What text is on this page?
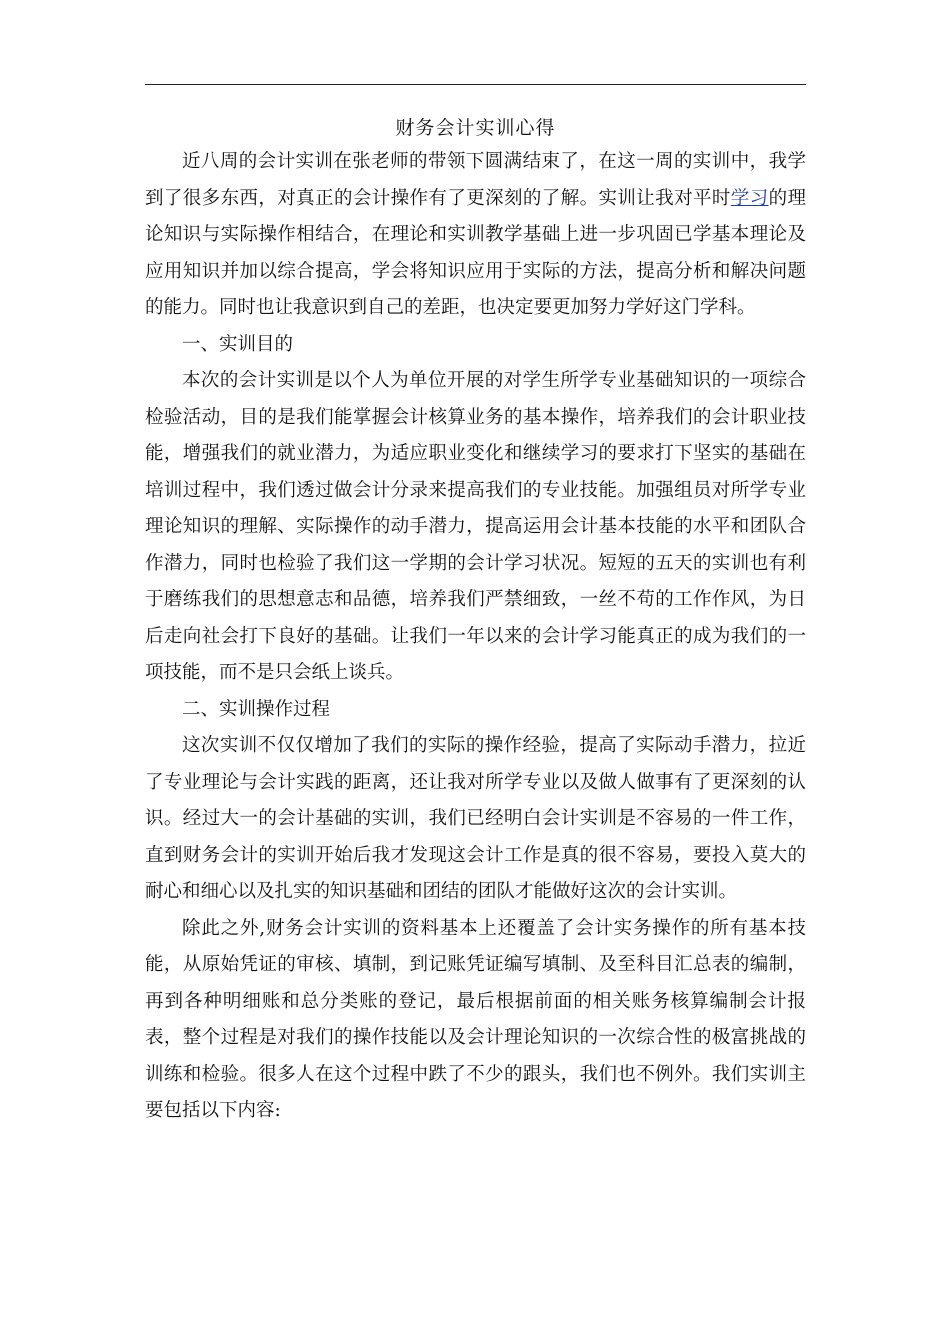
财务会计实训心得

近八周的会计实训在张老师的带领下圆满结束了，在这一周的实训中，我学到了很多东西，对真正的会计操作有了更深刻的了解。实训让我对平时学习的理论知识与实际操作相结合，在理论和实训教学基础上进一步巩固已学基本理论及应用知识并加以综合提高，学会将知识应用于实际的方法，提高分析和解决问题的能力。同时也让我意识到自己的差距，也决定要更加努力学好这门学科。

一、实训目的

本次的会计实训是以个人为单位开展的对学生所学专业基础知识的一项综合检验活动，目的是我们能掌握会计核算业务的基本操作，培养我们的会计职业技能，增强我们的就业潜力，为适应职业变化和继续学习的要求打下坚实的基础在培训过程中，我们透过做会计分录来提高我们的专业技能。加强组员对所学专业理论知识的理解、实际操作的动手潜力，提高运用会计基本技能的水平和团队合作潜力，同时也检验了我们这一学期的会计学习状况。短短的五天的实训也有利于磨练我们的思想意志和品德，培养我们严禁细致，一丝不苟的工作作风，为日后走向社会打下良好的基础。让我们一年以来的会计学习能真正的成为我们的一项技能，而不是只会纸上谈兵。

二、实训操作过程

这次实训不仅仅增加了我们的实际的操作经验，提高了实际动手潜力，拉近了专业理论与会计实践的距离，还让我对所学专业以及做人做事有了更深刻的认识。经过大一的会计基础的实训，我们已经明白会计实训是不容易的一件工作，直到财务会计的实训开始后我才发现这会计工作是真的很不容易，要投入莫大的耐心和细心以及扎实的知识基础和团结的团队才能做好这次的会计实训。

除此之外,财务会计实训的资料基本上还覆盖了会计实务操作的所有基本技能，从原始凭证的审核、填制，到记账凭证编写填制、及至科目汇总表的编制，再到各种明细账和总分类账的登记，最后根据前面的相关账务核算编制会计报表，整个过程是对我们的操作技能以及会计理论知识的一次综合性的极富挑战的训练和检验。很多人在这个过程中跌了不少的跟头，我们也不例外。我们实训主要包括以下内容:
